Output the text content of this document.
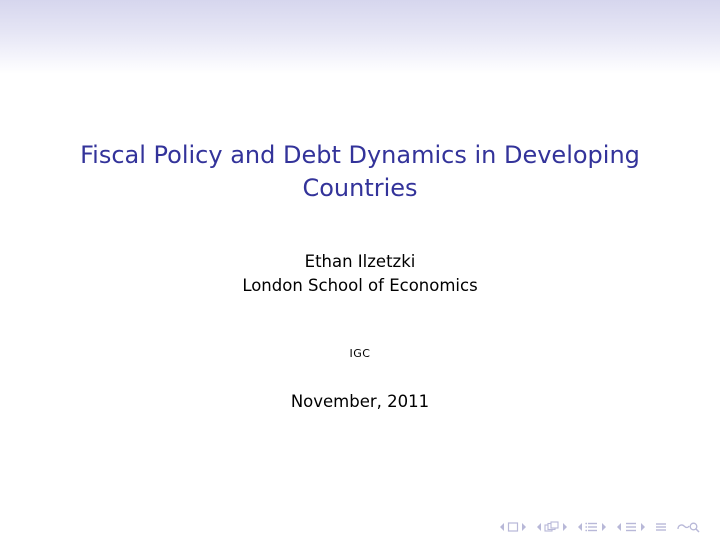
Fiscal Policy and Debt Dynamics in Developing
Countries
Ethan Ilzetzki
London School of Economics
IGC
November, 2011
